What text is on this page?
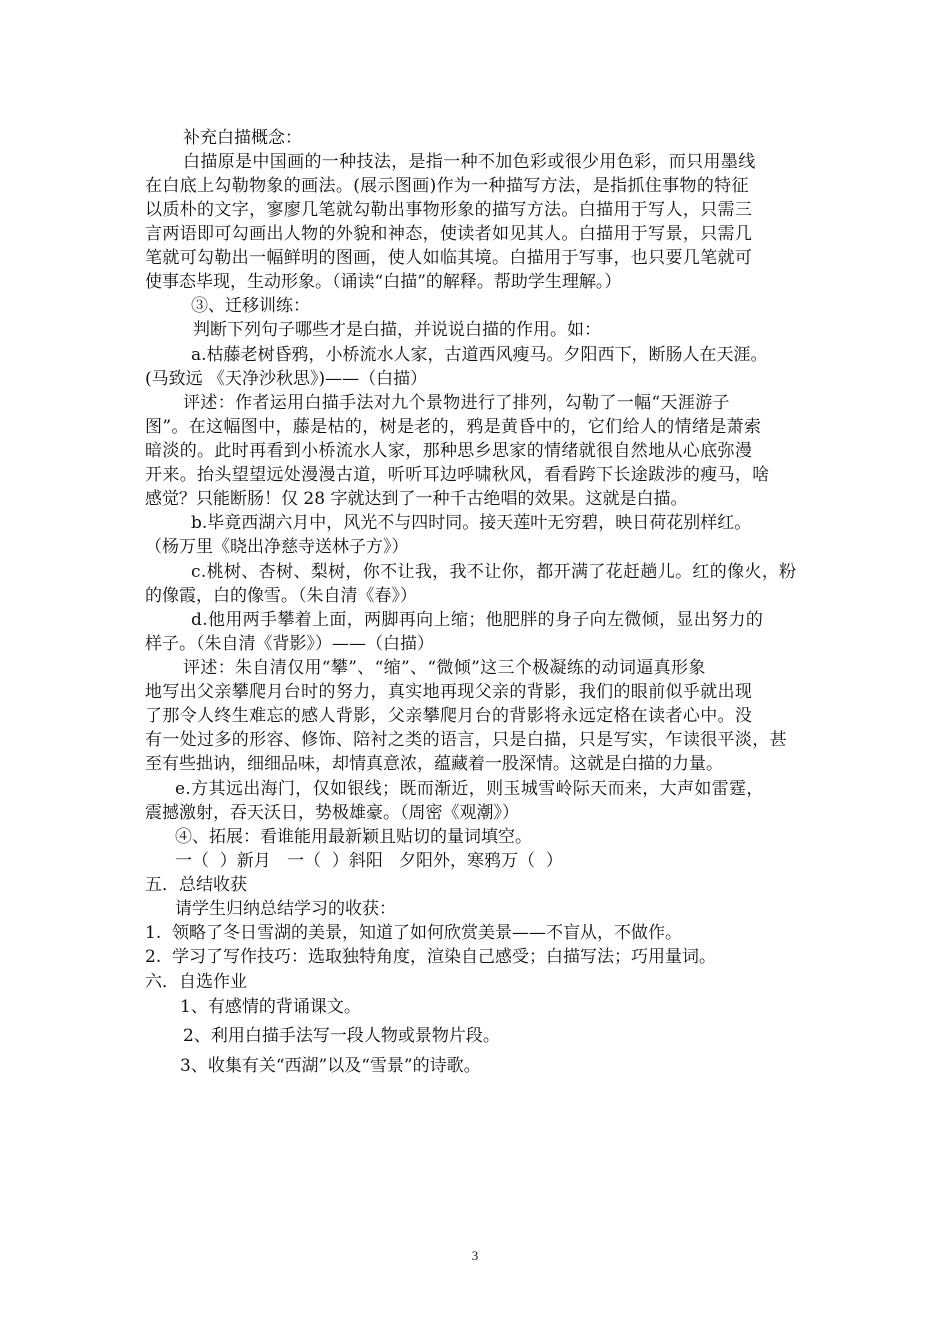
补充白描概念：
白描原是中国画的一种技法，是指一种不加色彩或很少用色彩，而只用墨线
在白底上勾勒物象的画法。(展示图画)作为一种描写方法，是指抓住事物的特征
以质朴的文字，寥廖几笔就勾勒出事物形象的描写方法。白描用于写人，只需三
言两语即可勾画出人物的外貌和神态，使读者如见其人。白描用于写景，只需几
笔就可勾勒出一幅鲜明的图画，使人如临其境。白描用于写事，也只要几笔就可
使事态毕现，生动形象。（诵读“白描”的解释。帮助学生理解。）
③、迁移训练：
判断下列句子哪些才是白描，并说说白描的作用。如：
a.枯藤老树昏鸦，小桥流水人家，古道西风瘦马。夕阳西下，断肠人在天涯。
(马致远 《天净沙秋思》)——（白描）
评述：作者运用白描手法对九个景物进行了排列，勾勒了一幅“天涯游子
图”。在这幅图中，藤是枯的，树是老的，鸦是黄昏中的，它们给人的情绪是萧索
暗淡的。此时再看到小桥流水人家，那种思乡思家的情绪就很自然地从心底弥漫
开来。抬头望望远处漫漫古道，听听耳边呼啸秋风，看看跨下长途跋涉的瘦马，啥
感觉？只能断肠！仅 28 字就达到了一种千古绝唱的效果。这就是白描。
b.毕竟西湖六月中，风光不与四时同。接天莲叶无穷碧，映日荷花别样红。
（杨万里《晓出净慈寺送林子方》）
c.桃树、杏树、梨树，你不让我，我不让你，都开满了花赶趟儿。红的像火，粉
的像霞，白的像雪。（朱自清《春》）
d.他用两手攀着上面，两脚再向上缩；他肥胖的身子向左微倾，显出努力的
样子。（朱自清《背影》）——（白描）
评述：朱自清仅用“攀”、“缩”、“微倾”这三个极凝练的动词逼真形象
地写出父亲攀爬月台时的努力，真实地再现父亲的背影，我们的眼前似乎就出现
了那令人终生难忘的感人背影，父亲攀爬月台的背影将永远定格在读者心中。没
有一处过多的形容、修饰、陪衬之类的语言，只是白描，只是写实，乍读很平淡，甚
至有些拙讷，细细品味，却情真意浓，蕴藏着一股深情。这就是白描的力量。
e.方其远出海门，仅如银线；既而渐近，则玉城雪岭际天而来，大声如雷霆，
震撼激射，吞天沃日，势极雄豪。（周密《观潮》）
④、拓展：看谁能用最新颖且贴切的量词填空。
一（  ）新月   一（  ）斜阳   夕阳外，寒鸦万（  ）
五．总结收获
请学生归纳总结学习的收获：
1.  领略了冬日雪湖的美景，知道了如何欣赏美景——不盲从，不做作。
2.  学习了写作技巧：选取独特角度，渲染自己感受；白描写法；巧用量词。
六．自选作业
1、有感情的背诵课文。
2、利用白描手法写一段人物或景物片段。
3、收集有关“西湖”以及“雪景”的诗歌。
3
